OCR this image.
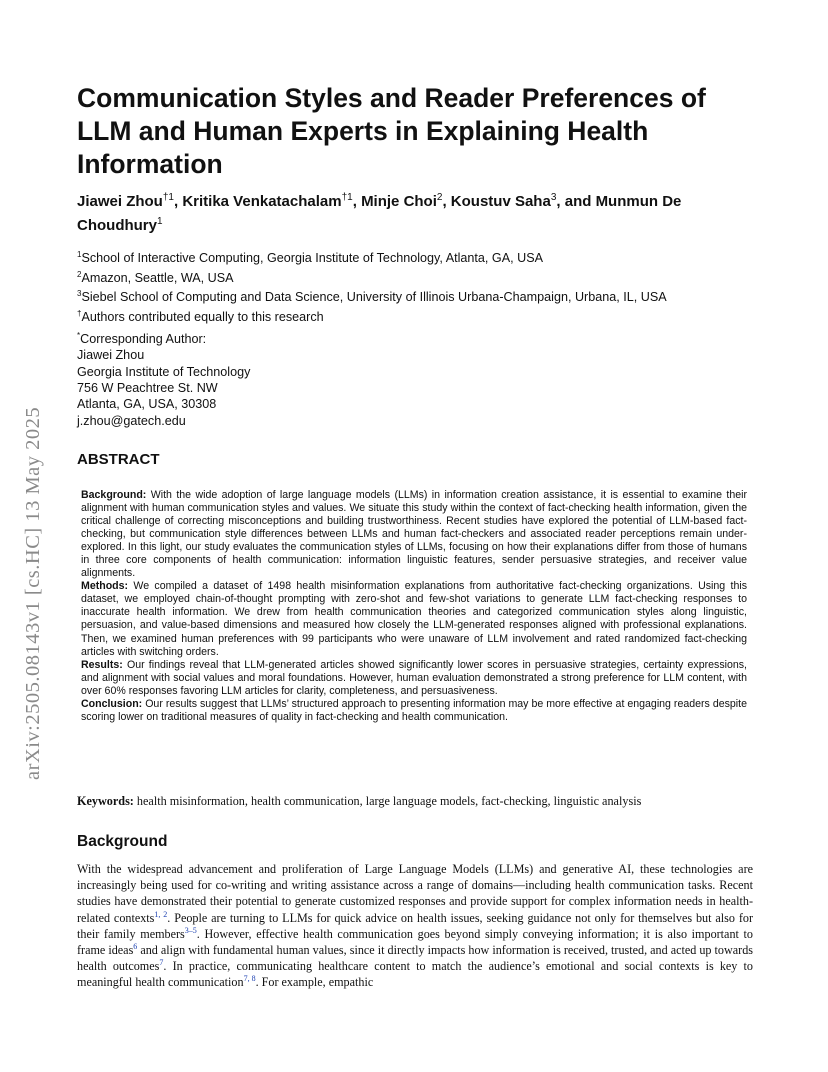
arXiv:2505.08143v1 [cs.HC] 13 May 2025
Communication Styles and Reader Preferences of LLM and Human Experts in Explaining Health Information

Jiawei Zhou$^{\dagger 1}$, Kritika Venkatachalam$^{\dagger 1}$, Minje Choi$^2$, Koustuv Saha$^3$, and Munmun De Choudhury$^1$

$^1$School of Interactive Computing, Georgia Institute of Technology, Atlanta, GA, USA
$^2$Amazon, Seattle, WA, USA
$^3$Siebel School of Computing and Data Science, University of Illinois Urbana-Champaign, Urbana, IL, USA
†Authors contributed equally to this research
*Corresponding Author:
Jiawei Zhou
Georgia Institute of Technology
756 W Peachtree St. NW
Atlanta, GA, USA, 30308
j.zhou@gatech.edu
ABSTRACT

Background: With the wide adoption of large language models (LLMs) in information creation assistance, it is essential to examine their alignment with human communication styles and values. We situate this study within the context of fact-checking health information, given the critical challenge of correcting misconceptions and building trustworthiness. Recent studies have explored the potential of LLM-based fact-checking, but communication style differences between LLMs and human fact-checkers and associated reader perceptions remain under-explored. In this light, our study evaluates the communication styles of LLMs, focusing on how their explanations differ from those of humans in three core components of health communication: information linguistic features, sender persuasive strategies, and receiver value alignments.
Methods: We compiled a dataset of 1498 health misinformation explanations from authoritative fact-checking organizations. Using this dataset, we employed chain-of-thought prompting with zero-shot and few-shot variations to generate LLM fact-checking responses to inaccurate health information. We drew from health communication theories and categorized communication styles along linguistic, persuasion, and value-based dimensions and measured how closely the LLM-generated responses aligned with professional explanations. Then, we examined human preferences with 99 participants who were unaware of LLM involvement and rated randomized fact-checking articles with switching orders.
Results: Our findings reveal that LLM-generated articles showed significantly lower scores in persuasive strategies, certainty expressions, and alignment with social values and moral foundations. However, human evaluation demonstrated a strong preference for LLM content, with over 60% responses favoring LLM articles for clarity, completeness, and persuasiveness.
Conclusion: Our results suggest that LLMs’ structured approach to presenting information may be more effective at engaging readers despite scoring lower on traditional measures of quality in fact-checking and health communication.

Keywords: health misinformation, health communication, large language models, fact-checking, linguistic analysis
Background

With the widespread advancement and proliferation of Large Language Models (LLMs) and generative AI, these technologies are increasingly being used for co-writing and writing assistance across a range of domains—including health communication tasks. Recent studies have demonstrated their potential to generate customized responses and provide support for complex information needs in health-related contexts$^{1, 2}$. People are turning to LLMs for quick advice on health issues, seeking guidance not only for themselves but also for their family members$^{3-5}$. However, effective health communication goes beyond simply conveying information; it is also important to frame ideas$^6$ and align with fundamental human values, since it directly impacts how information is received, trusted, and acted up towards health outcomes$^7$. In practice, communicating healthcare content to match the audience’s emotional and social contexts is key to meaningful health communication$^{7, 8}$. For example, empathic
